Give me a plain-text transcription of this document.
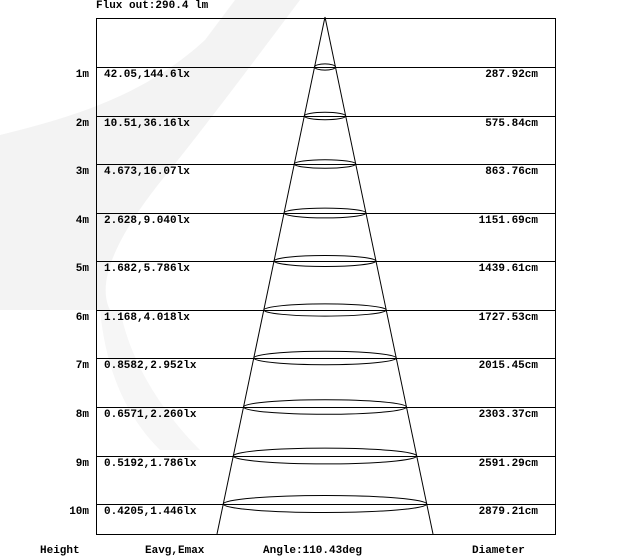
Flux out:290.4 lm
1m 42.05,144.6lx	287.92cm
2m 10.51,36.16lx	575.84cm
3m 4.673,16.07lx	863.76cm
4m 2.628,9.040lx	1151.69cm
5m 1.682,5.786lx	1439.61cm
6m 1.168,4.018lx	1727.53cm
7m 0.8582,2.952lx	2015.45cm
8m 0.6571,2.260lx	2303.37cm
9m 0.5192,1.786lx	2591.29cm
10m 0.4205,1.446lx	2879.21cm
Height	Eavg,Emax	Angle:110.43deg	Diameter
